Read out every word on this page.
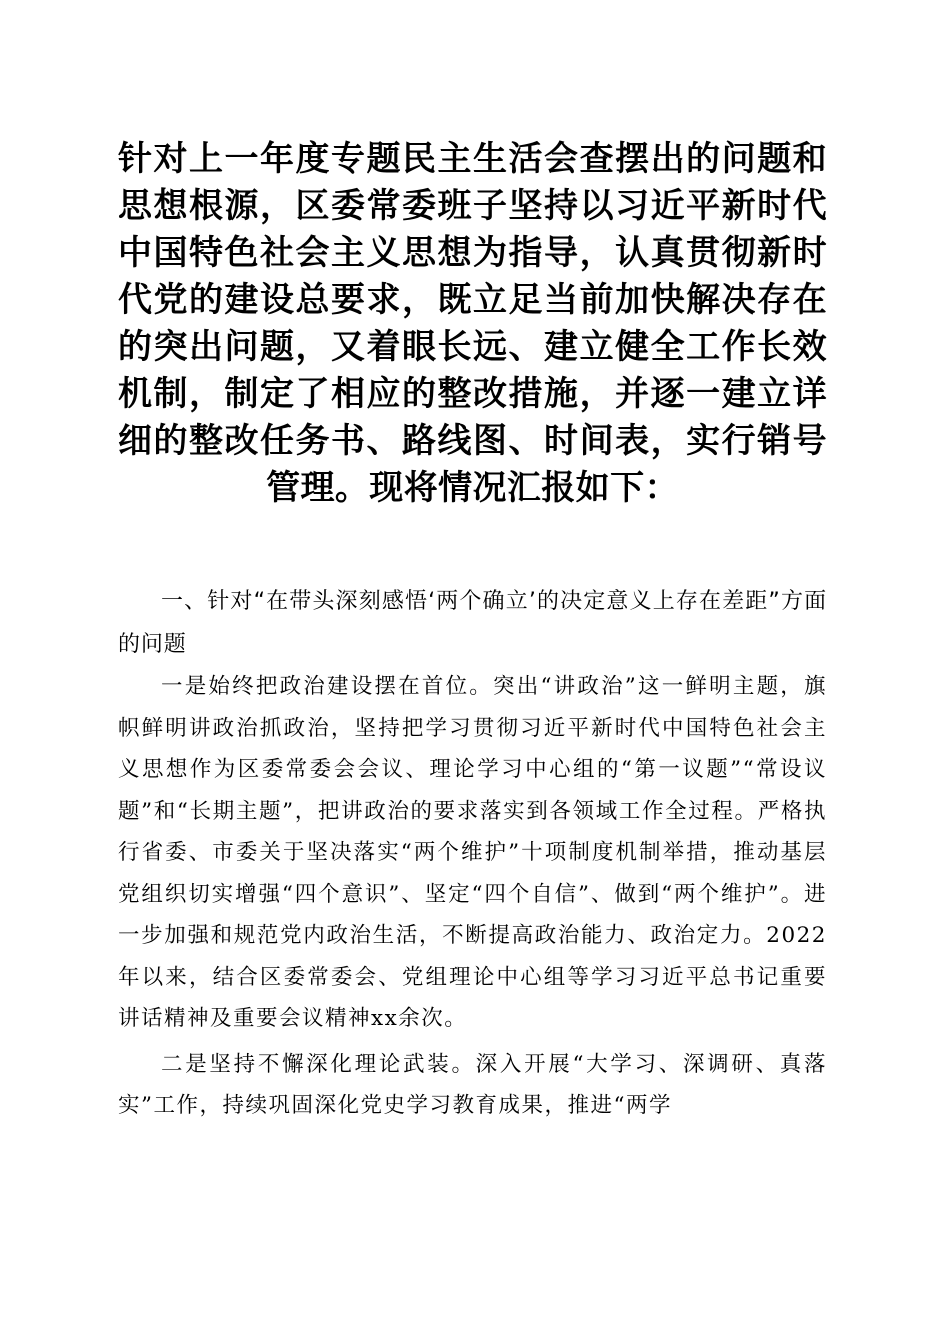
针对上一年度专题民主生活会查摆出的问题和思想根源，区委常委班子坚持以习近平新时代中国特色社会主义思想为指导，认真贯彻新时代党的建设总要求，既立足当前加快解决存在的突出问题，又着眼长远、建立健全工作长效机制，制定了相应的整改措施，并逐一建立详细的整改任务书、路线图、时间表，实行销号管理。现将情况汇报如下：

一、针对“在带头深刻感悟‘两个确立’的决定意义上存在差距”方面的问题

一是始终把政治建设摆在首位。突出“讲政治”这一鲜明主题，旗帜鲜明讲政治抓政治，坚持把学习贯彻习近平新时代中国特色社会主义思想作为区委常委会会议、理论学习中心组的“第一议题”“常设议题”和“长期主题”，把讲政治的要求落实到各领域工作全过程。严格执行省委、市委关于坚决落实“两个维护”十项制度机制举措，推动基层党组织切实增强“四个意识”、坚定“四个自信”、做到“两个维护”。进一步加强和规范党内政治生活，不断提高政治能力、政治定力。2022年以来，结合区委常委会、党组理论中心组等学习习近平总书记重要讲话精神及重要会议精神xx余次。

二是坚持不懈深化理论武装。深入开展“大学习、深调研、真落实”工作，持续巩固深化党史学习教育成果，推进“两学
